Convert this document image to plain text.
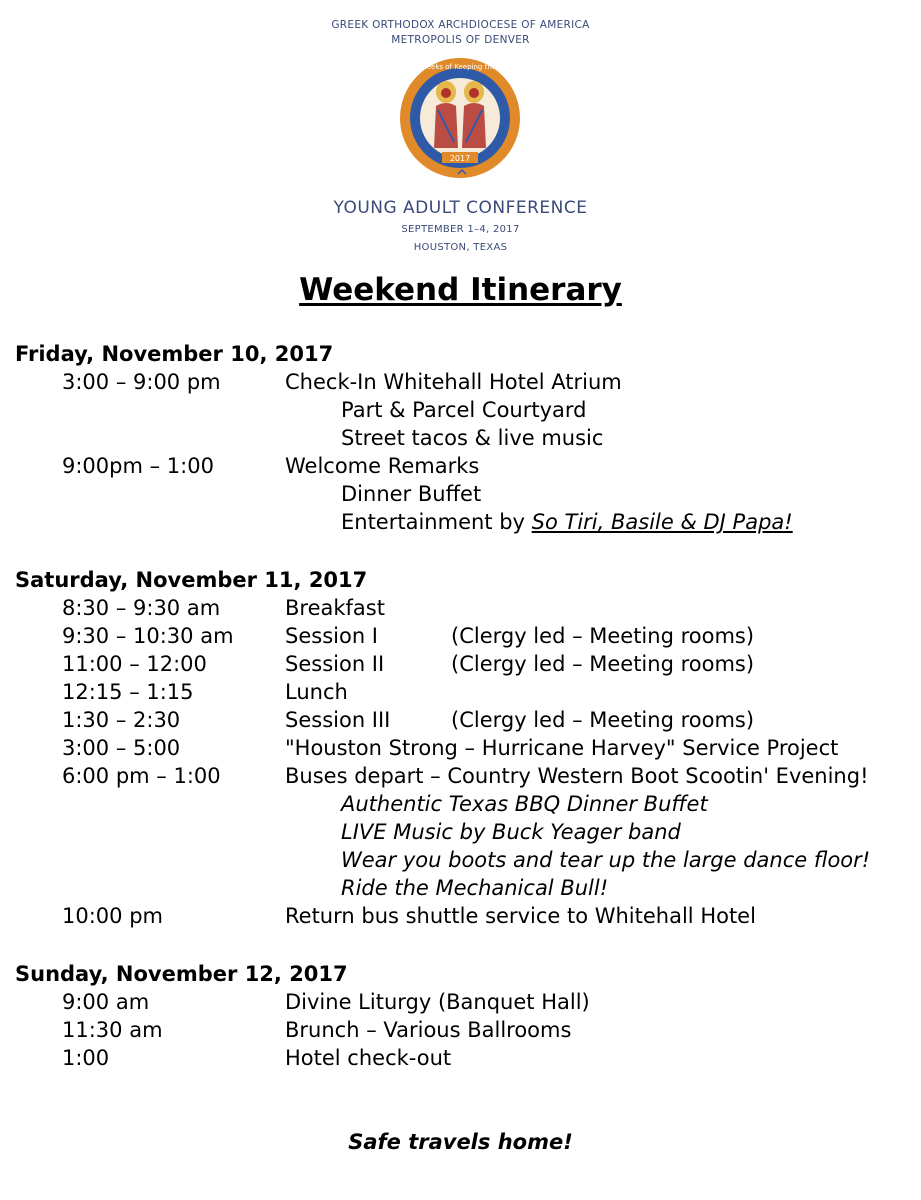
GREEK ORTHODOX ARCHDIOCESE OF AMERICA
METROPOLIS OF DENVER
2017
Two Weeks of Keeping the Faith
YOUNG ADULT CONFERENCE
SEPTEMBER 1–4, 2017
HOUSTON, TEXAS
Weekend Itinerary
Friday, November 10, 2017
3:00 – 9:00 pm	Check-In Whitehall Hotel Atrium
Part & Parcel Courtyard
Street tacos & live music
9:00pm – 1:00	Welcome Remarks
Dinner Buffet
Entertainment by So Tiri, Basile & DJ Papa!
Saturday, November 11, 2017
8:30 – 9:30 am	Breakfast
9:30 – 10:30 am Session I	(Clergy led – Meeting rooms)
11:00 – 12:00	Session II	(Clergy led – Meeting rooms)
12:15 – 1:15	Lunch
1:30 – 2:30	Session III	(Clergy led – Meeting rooms)
3:00 – 5:00	"Houston Strong – Hurricane Harvey" Service Project
6:00 pm – 1:00	Buses depart – Country Western Boot Scootin' Evening!
Authentic Texas BBQ Dinner Buffet
LIVE Music by Buck Yeager band
Wear you boots and tear up the large dance floor!
Ride the Mechanical Bull!
10:00 pm	Return bus shuttle service to Whitehall Hotel
Sunday, November 12, 2017
9:00 am	Divine Liturgy (Banquet Hall)
11:30 am	Brunch – Various Ballrooms
1:00	Hotel check-out
Safe travels home!
